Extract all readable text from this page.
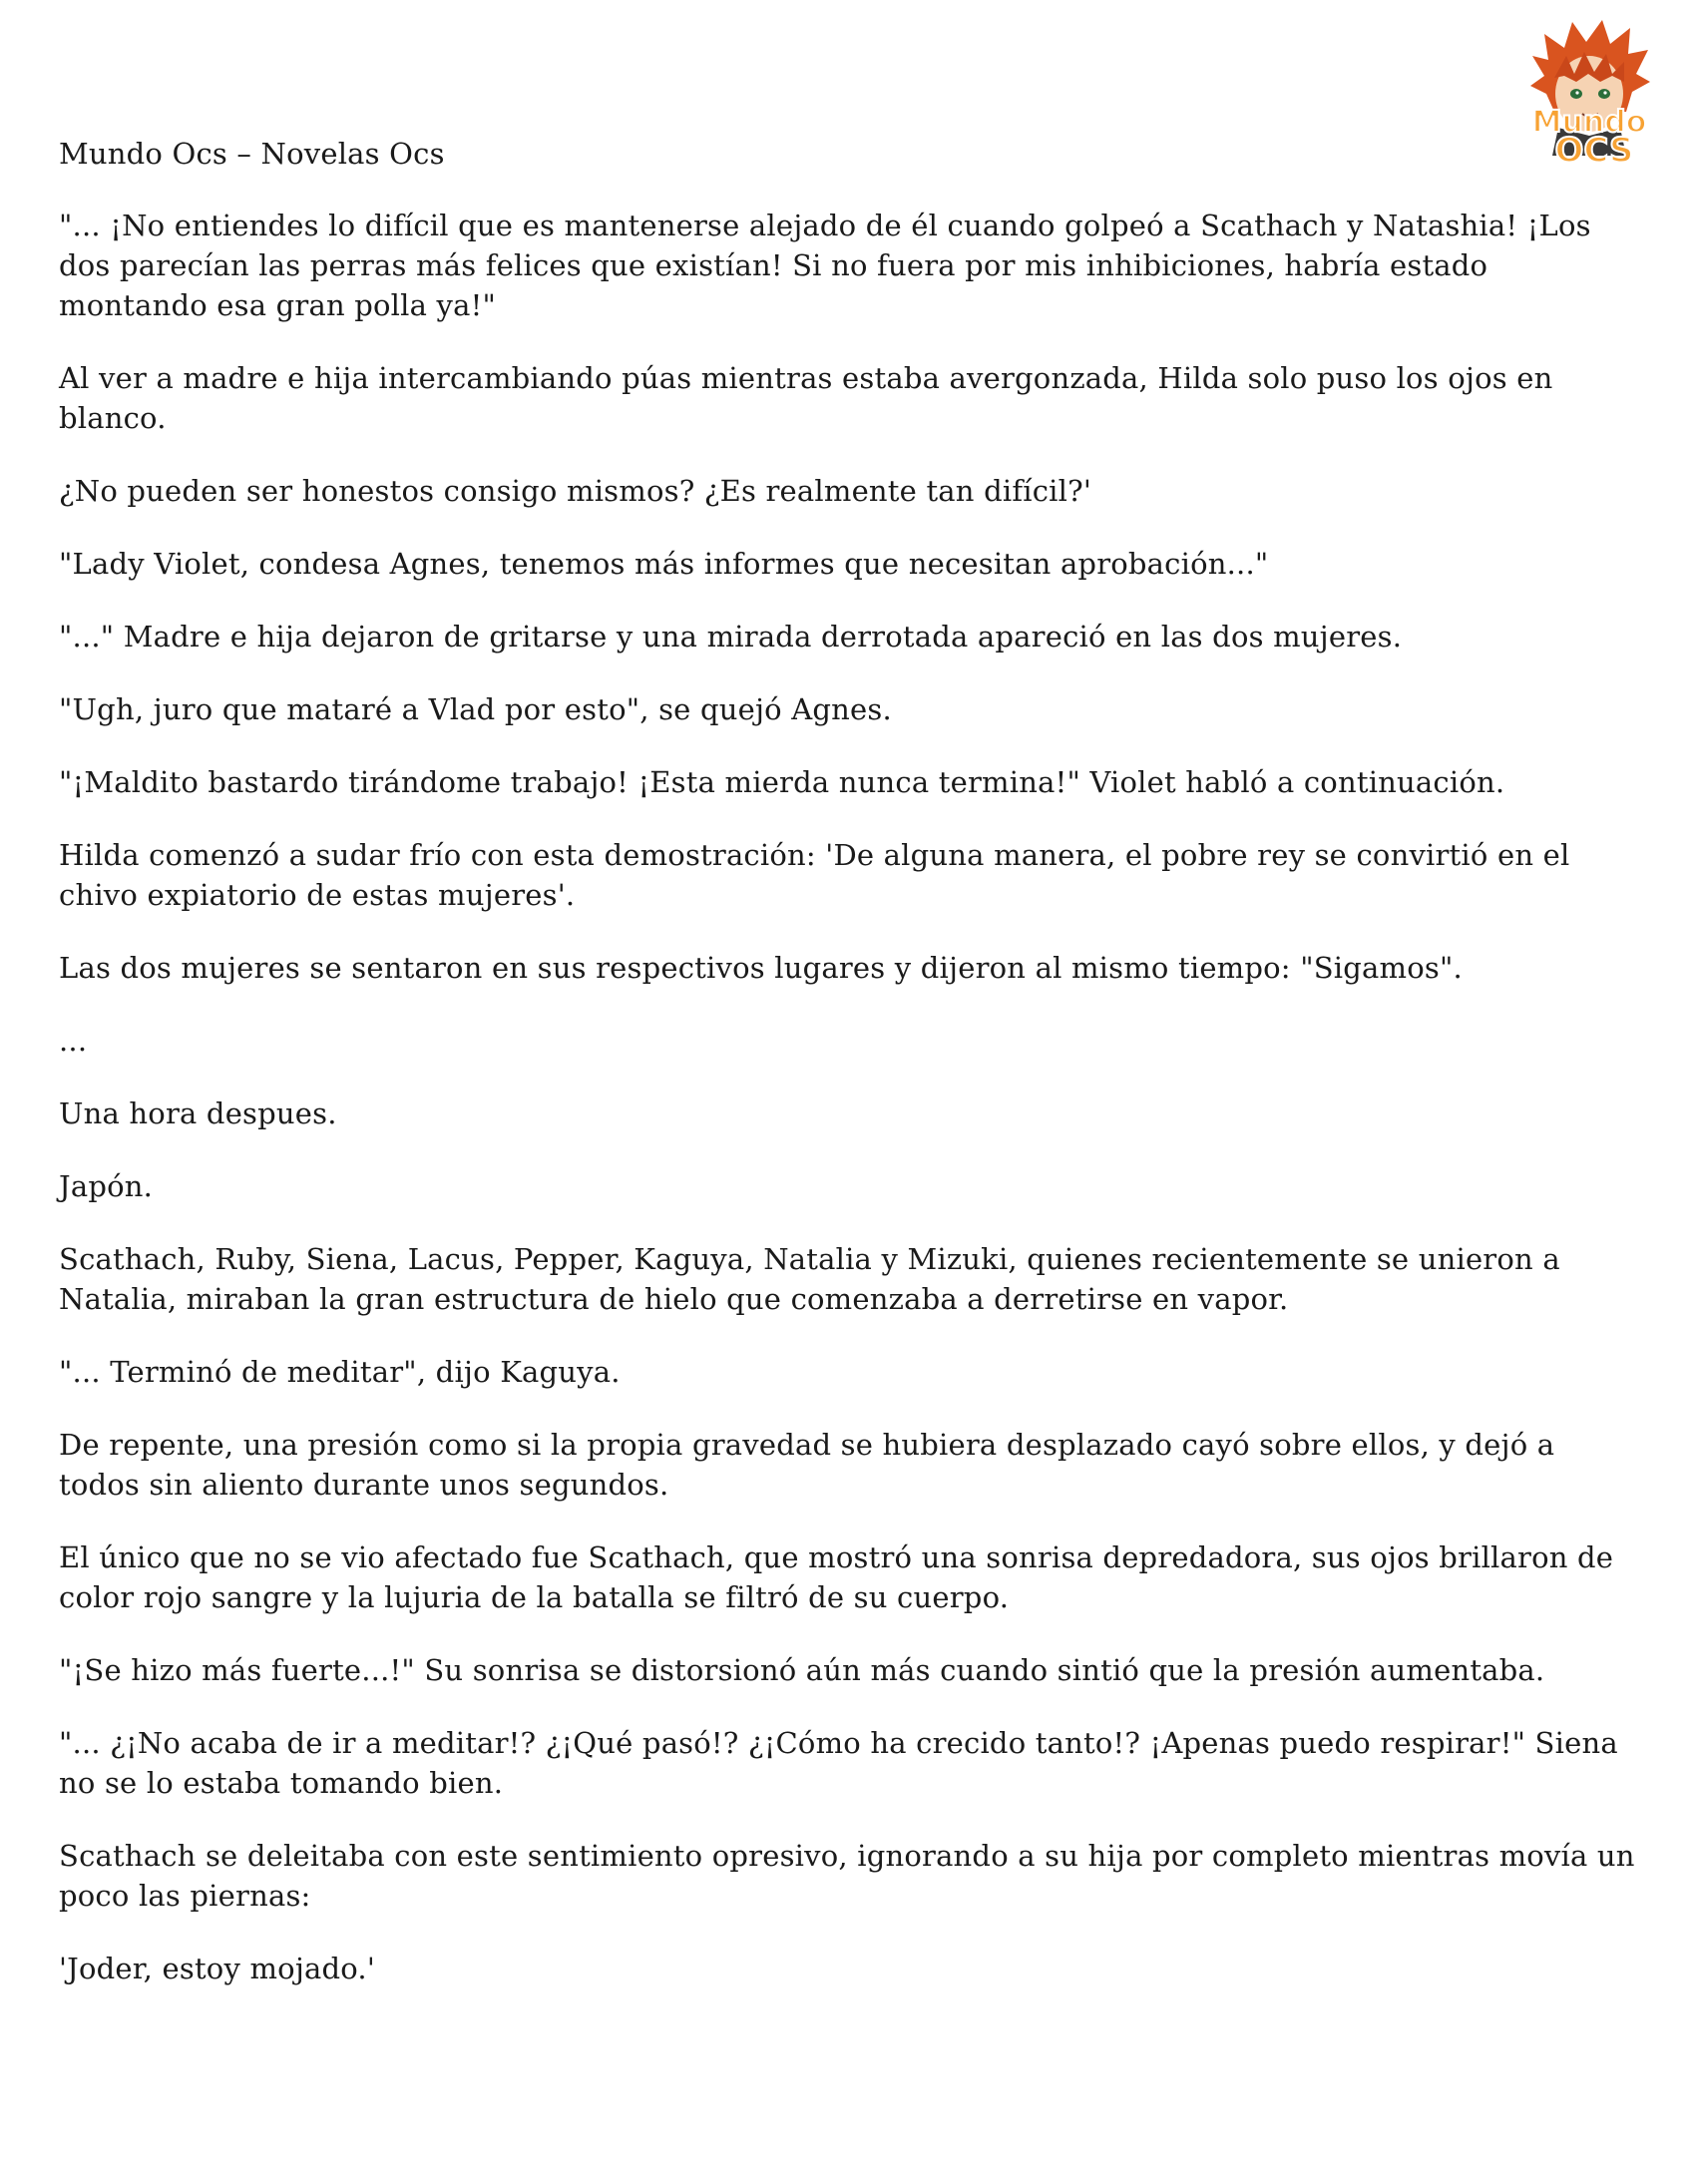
Mundo
OCS
Mundo Ocs – Novelas Ocs

"... ¡No entiendes lo difícil que es mantenerse alejado de él cuando golpeó a Scathach y Natashia! ¡Los dos parecían las perras más felices que existían! Si no fuera por mis inhibiciones, habría estado montando esa gran polla ya!"

Al ver a madre e hija intercambiando púas mientras estaba avergonzada, Hilda solo puso los ojos en blanco.

¿No pueden ser honestos consigo mismos? ¿Es realmente tan difícil?'

"Lady Violet, condesa Agnes, tenemos más informes que necesitan aprobación..."

"..." Madre e hija dejaron de gritarse y una mirada derrotada apareció en las dos mujeres.

"Ugh, juro que mataré a Vlad por esto", se quejó Agnes.

"¡Maldito bastardo tirándome trabajo! ¡Esta mierda nunca termina!" Violet habló a continuación.

Hilda comenzó a sudar frío con esta demostración: 'De alguna manera, el pobre rey se convirtió en el chivo expiatorio de estas mujeres'.

Las dos mujeres se sentaron en sus respectivos lugares y dijeron al mismo tiempo: "Sigamos".

...

Una hora despues.

Japón.

Scathach, Ruby, Siena, Lacus, Pepper, Kaguya, Natalia y Mizuki, quienes recientemente se unieron a Natalia, miraban la gran estructura de hielo que comenzaba a derretirse en vapor.

"... Terminó de meditar", dijo Kaguya.

De repente, una presión como si la propia gravedad se hubiera desplazado cayó sobre ellos, y dejó a todos sin aliento durante unos segundos.

El único que no se vio afectado fue Scathach, que mostró una sonrisa depredadora, sus ojos brillaron de color rojo sangre y la lujuria de la batalla se filtró de su cuerpo.

"¡Se hizo más fuerte...!" Su sonrisa se distorsionó aún más cuando sintió que la presión aumentaba.

"... ¿¡No acaba de ir a meditar!? ¿¡Qué pasó!? ¿¡Cómo ha crecido tanto!? ¡Apenas puedo respirar!" Siena no se lo estaba tomando bien.

Scathach se deleitaba con este sentimiento opresivo, ignorando a su hija por completo mientras movía un poco las piernas:

'Joder, estoy mojado.'
